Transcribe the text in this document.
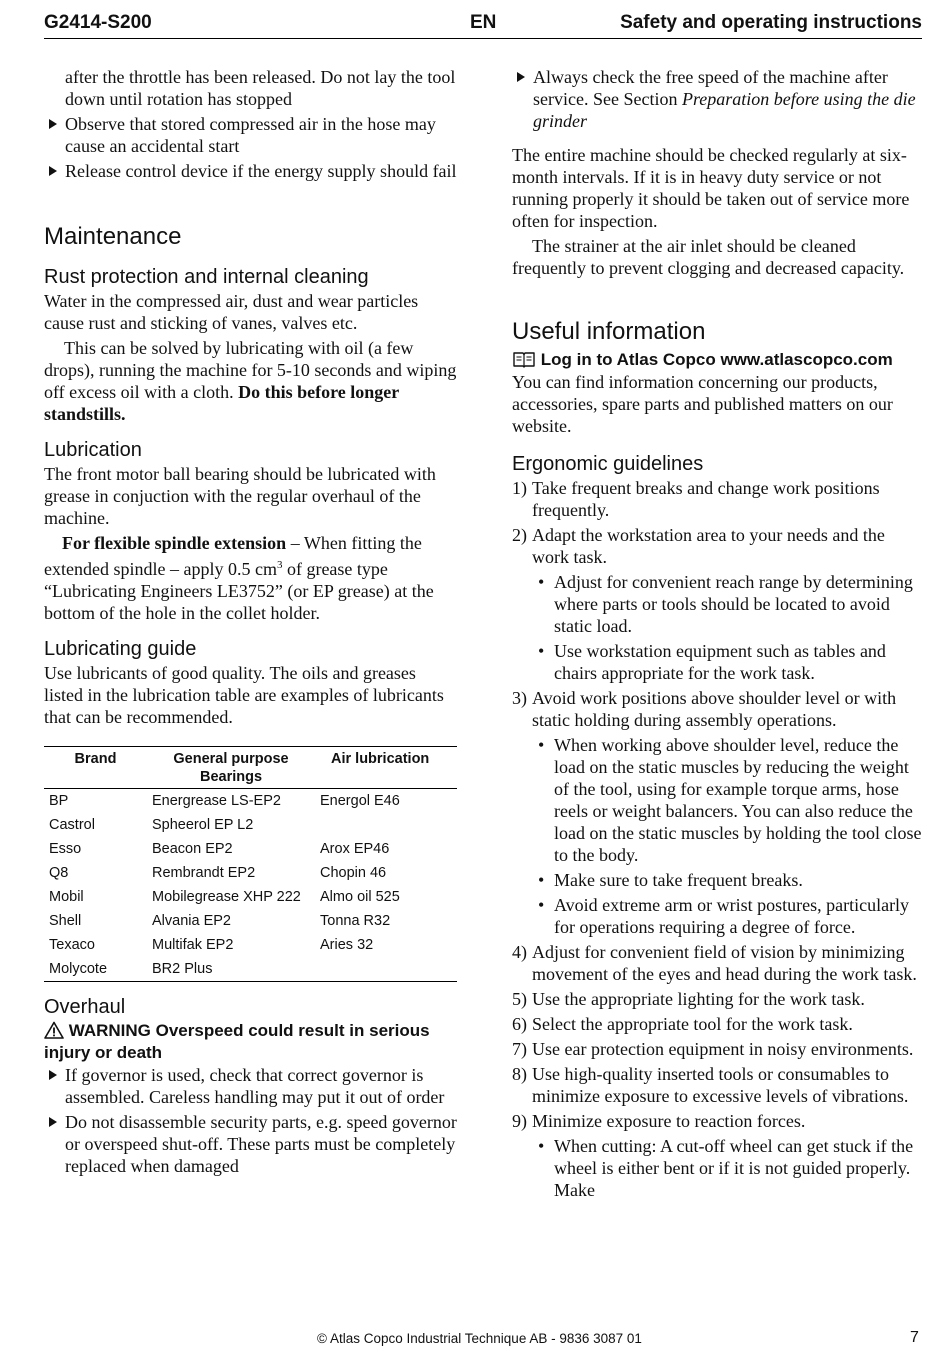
G2414-S200	EN	Safety and operating instructions

after the throttle has been released. Do not lay the tool down until rotation has stopped

Observe that stored compressed air in the hose may cause an accidental start
Release control device if the energy supply should fail
Maintenance
Rust protection and internal cleaning

Water in the compressed air, dust and wear particles cause rust and sticking of vanes, valves etc.

This can be solved by lubricating with oil (a few drops), running the machine for 5-10 seconds and wiping off excess oil with a cloth. Do this before longer standstills.

Lubrication

The front motor ball bearing should be lubricated with grease in conjuction with the regular overhaul of the machine.

For flexible spindle extension – When fitting the extended spindle – apply 0.5 $cm^3$ of grease type “Lubricating Engineers LE3752” (or EP grease) at the bottom of the hole in the collet holder.

Lubricating guide

Use lubricants of good quality. The oils and greases listed in the lubrication table are examples of lubricants that can be recommended.

Brand	General purpose Bearings	Air lubrication
BP	Energrease LS-EP2	Energol E46
Castrol	Spheerol EP L2	
Esso	Beacon EP2	Arox EP46
Q8	Rembrandt EP2	Chopin 46
Mobil	Mobilegrease XHP 222	Almo oil 525
Shell	Alvania EP2	Tonna R32
Texaco	Multifak EP2	Aries 32
Molycote	BR2 Plus	
Overhaul
WARNING Overspeed could result in serious injury or death
If governor is used, check that correct governor is assembled. Careless handling may put it out of order
Do not disassemble security parts, e.g. speed governor or overspeed shut-off. These parts must be completely replaced when damaged
Always check the free speed of the machine after service. See Section Preparation before using the die grinder

The entire machine should be checked regularly at six-month intervals. If it is in heavy duty service or not running properly it should be taken out of service more often for inspection.

The strainer at the air inlet should be cleaned frequently to prevent clogging and decreased capacity.

Useful information
Log in to Atlas Copco www.atlascopco.com

You can find information concerning our products, accessories, spare parts and published matters on our website.

Ergonomic guidelines
1) Take frequent breaks and change work positions frequently.
2) Adapt the workstation area to your needs and the work task.
• Adjust for convenient reach range by determining where parts or tools should be located to avoid static load.
• Use workstation equipment such as tables and chairs appropriate for the work task.
3) Avoid work positions above shoulder level or with static holding during assembly operations.
• When working above shoulder level, reduce the load on the static muscles by reducing the weight of the tool, using for example torque arms, hose reels or weight balancers. You can also reduce the load on the static muscles by holding the tool close to the body.
• Make sure to take frequent breaks.
• Avoid extreme arm or wrist postures, particularly for operations requiring a degree of force.
4) Adjust for convenient field of vision by minimizing movement of the eyes and head during the work task.
5) Use the appropriate lighting for the work task.
6) Select the appropriate tool for the work task.
7) Use ear protection equipment in noisy environments.
8) Use high-quality inserted tools or consumables to minimize exposure to excessive levels of vibrations.
9) Minimize exposure to reaction forces.
• When cutting: A cut-off wheel can get stuck if the wheel is either bent or if it is not guided properly. Make
© Atlas Copco Industrial Technique AB - 9836 3087 01	7
